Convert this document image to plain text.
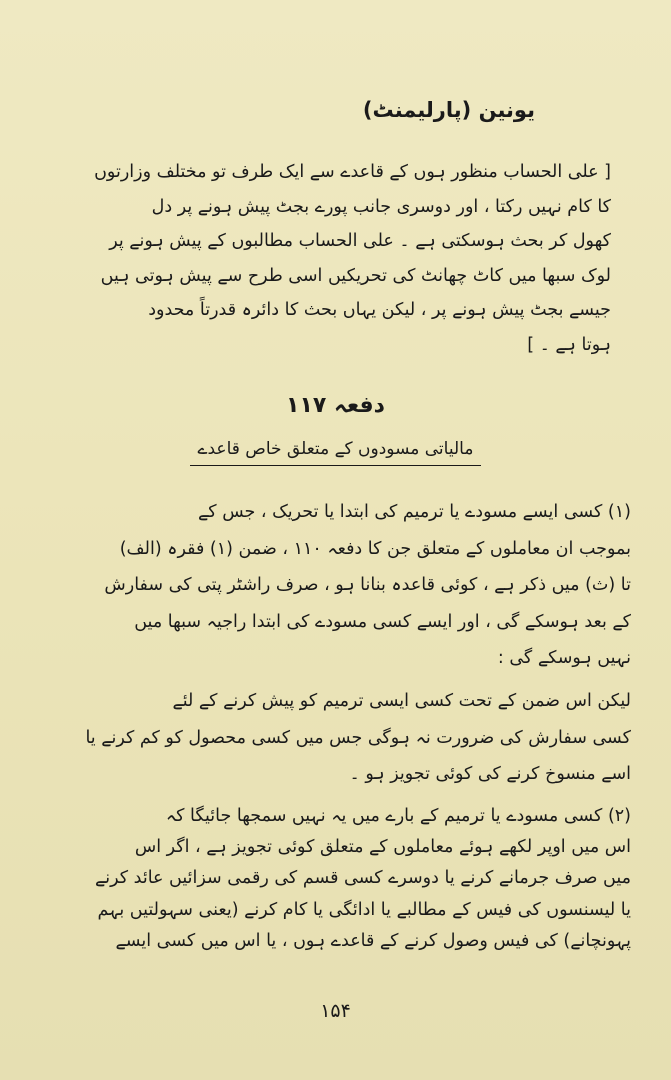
یونین (پارلیمنٹ)
[ علی الحساب منظور ہوں کے قاعدے سے ایک طرف تو مختلف وزارتوں
کا کام نہیں رکتا ، اور دوسری جانب پورے بجٹ پیش ہونے پر دل
کھول کر بحث ہوسکتی ہے ۔ علی الحساب مطالبوں کے پیش ہونے پر
لوک سبھا میں کاٹ چھانٹ کی تحریکیں اسی طرح سے پیش ہوتی ہیں
جیسے بجٹ پیش ہونے پر ، لیکن یہاں بحث کا دائرہ قدرتاً محدود
ہوتا ہے ۔ ]
دفعہ ۱۱۷
مالیاتی مسودوں کے متعلق خاص قاعدے
(۱) کسی ایسے مسودے یا ترمیم کی ابتدا یا تحریک ، جس کے
بموجب ان معاملوں کے متعلق جن کا دفعہ ۱۱۰ ، ضمن (۱) فقرہ (الف)
تا (ث) میں ذکر ہے ، کوئی قاعدہ بنانا ہو ، صرف راشٹر پتی کی سفارش
کے بعد ہوسکے گی ، اور ایسے کسی مسودے کی ابتدا راجیہ سبھا میں
نہیں ہوسکے گی :
لیکن اس ضمن کے تحت کسی ایسی ترمیم کو پیش کرنے کے لئے
کسی سفارش کی ضرورت نہ ہوگی جس میں کسی محصول کو کم کرنے یا
اسے منسوخ کرنے کی کوئی تجویز ہو ۔
(۲) کسی مسودے یا ترمیم کے بارے میں یہ نہیں سمجھا جائیگا کہ
اس میں اوپر لکھے ہوئے معاملوں کے متعلق کوئی تجویز ہے ، اگر اس
میں صرف جرمانے کرنے یا دوسرے کسی قسم کی رقمی سزائیں عائد کرنے
یا لیسنسوں کی فیس کے مطالبے یا ادائگی یا کام کرنے (یعنی سہولتیں بہم
پہونچانے) کی فیس وصول کرنے کے قاعدے ہوں ، یا اس میں کسی ایسے
۱۵۴
